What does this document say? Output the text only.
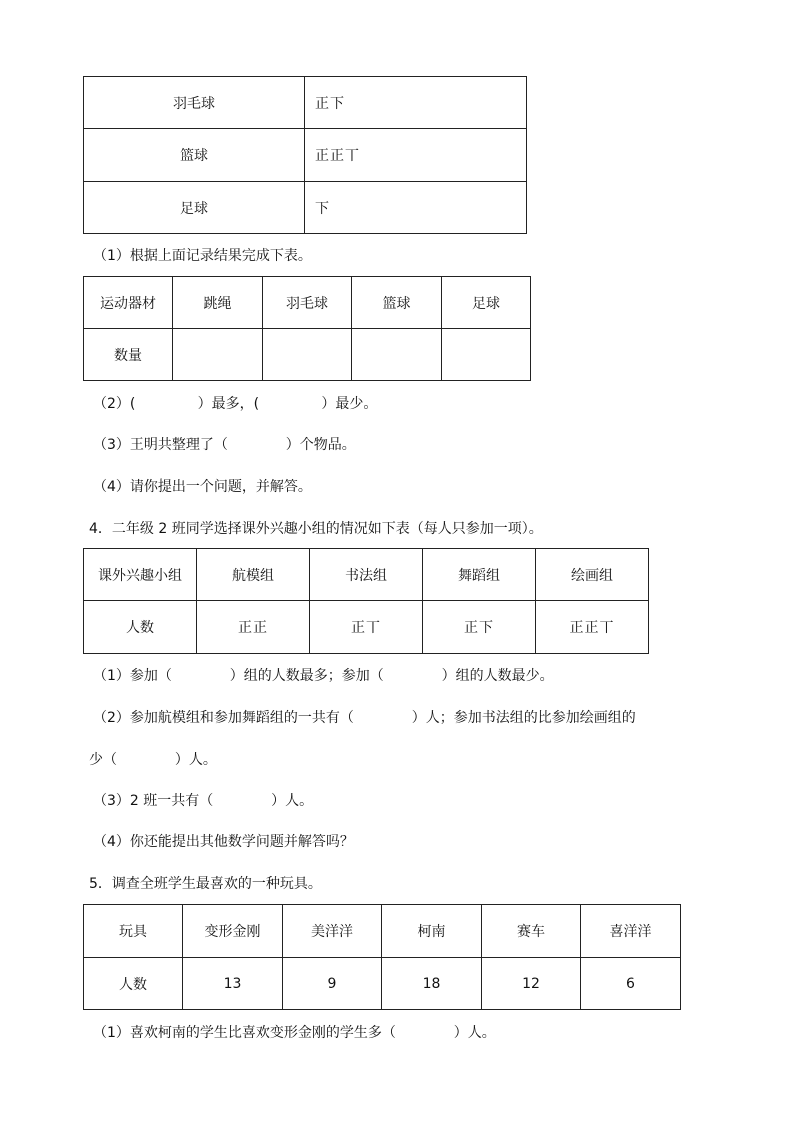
羽毛球	正下
篮球	正正丅
足球	下
（1）根据上面记录结果完成下表。
运动器材	跳绳	羽毛球	篮球	足球
数量				
（2）(              ）最多，(              ）最少。
（3）王明共整理了（             ）个物品。
（4）请你提出一个问题，并解答。
4．二年级 2 班同学选择课外兴趣小组的情况如下表（每人只参加一项）。
课外兴趣小组	航模组	书法组	舞蹈组	绘画组
人数	正正	正丅	正下	正正丅
（1）参加（             ）组的人数最多；参加（             ）组的人数最少。
（2）参加航模组和参加舞蹈组的一共有（             ）人；参加书法组的比参加绘画组的
少（             ）人。
（3）2 班一共有（             ）人。
（4）你还能提出其他数学问题并解答吗？
5．调查全班学生最喜欢的一种玩具。
玩具	变形金刚	美洋洋	柯南	赛车	喜洋洋
人数	13	9	18	12	6
（1）喜欢柯南的学生比喜欢变形金刚的学生多（             ）人。
